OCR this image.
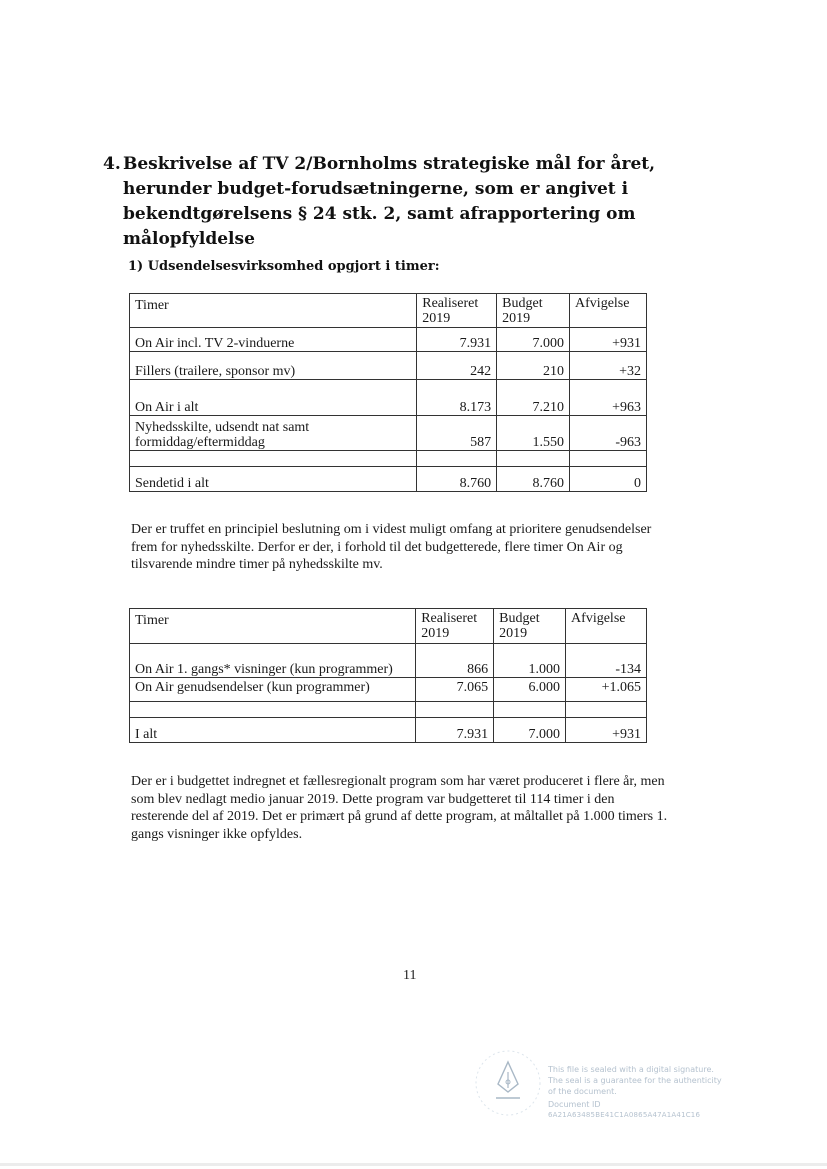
4. Beskrivelse af TV 2/Bornholms strategiske mål for året, herunder budget-forudsætningerne, som er angivet i bekendtgørelsens § 24 stk. 2, samt afrapportering om målopfyldelse
1) Udsendelsesvirksomhed opgjort i timer:
Timer	Realiseret 2019	Budget 2019	Afvigelse
On Air incl. TV 2-vinduerne	7.931	7.000	+931
Fillers (trailere, sponsor mv)	242	210	+32
On Air i alt	8.173	7.210	+963
Nyhedsskilte, udsendt nat samt formiddag/eftermiddag	587	1.550	-963

Sendetid i alt	8.760	8.760	0
Der er truffet en principiel beslutning om i videst muligt omfang at prioritere genudsendelser frem for nyhedsskilte. Derfor er der, i forhold til det budgetterede, flere timer On Air og tilsvarende mindre timer på nyhedsskilte mv.
Timer	Realiseret 2019	Budget 2019	Afvigelse
On Air 1. gangs* visninger (kun programmer)	866	1.000	-134
On Air genudsendelser (kun programmer)	7.065	6.000	+1.065

I alt	7.931	7.000	+931
Der er i budgettet indregnet et fællesregionalt program som har været produceret i flere år, men som blev nedlagt medio januar 2019. Dette program var budgetteret til 114 timer i den resterende del af 2019. Det er primært på grund af dette program, at måltallet på 1.000 timers 1. gangs visninger ikke opfyldes.
11
This file is sealed with a digital signature.
The seal is a guarantee for the authenticity
of the document.
Document ID
6A21A63485BE41C1A0865A47A1A41C16
